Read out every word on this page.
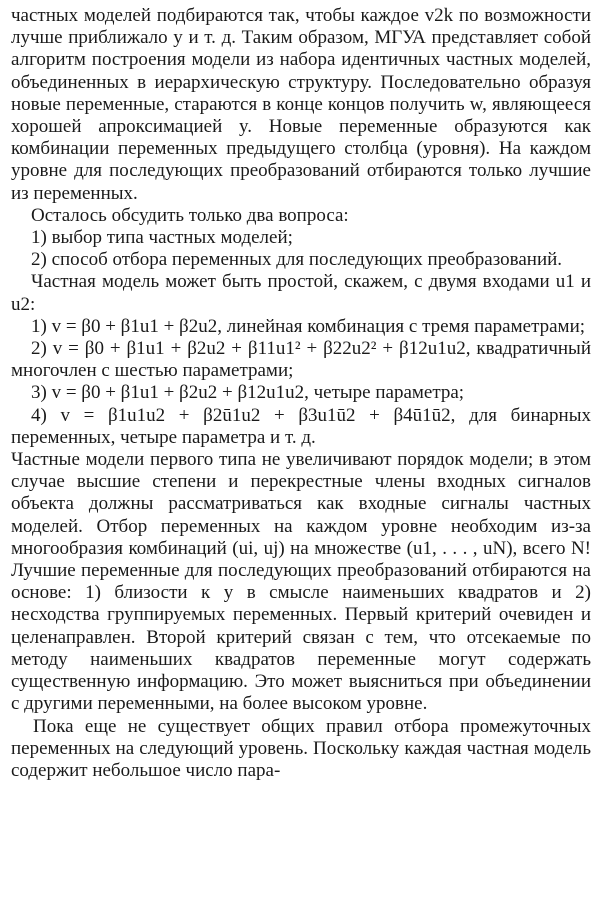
частных моделей подбираются так, чтобы каждое v2k по возможности лучше приближало y и т. д. Таким образом, МГУА представляет собой алгоритм построения модели из набора идентичных частных моделей, объединенных в иерархическую структуру. Последовательно образуя новые переменные, стараются в конце концов получить w, являющееся хорошей апроксимацией y. Новые переменные образуются как комбинации переменных предыдущего столбца (уровня). На каждом уровне для последующих преобразований отбираются только лучшие из переменных.

Осталось обсудить только два вопроса:

1) выбор типа частных моделей;

2) способ отбора переменных для последующих преобразований.

Частная модель может быть простой, скажем, с двумя входами u1 и u2:

1) v = β0 + β1u1 + β2u2, линейная комбинация с тремя параметрами;

2) v = β0 + β1u1 + β2u2 + β11u1² + β22u2² + β12u1u2, квадратичный многочлен с шестью параметрами;

3) v = β0 + β1u1 + β2u2 + β12u1u2, четыре параметра;

4) v = β1u1u2 + β2ū1u2 + β3u1ū2 + β4ū1ū2, для бинарных переменных, четыре параметра и т. д.

Частные модели первого типа не увеличивают порядок модели; в этом случае высшие степени и перекрестные члены входных сигналов объекта должны рассматриваться как входные сигналы частных моделей. Отбор переменных на каждом уровне необходим из-за многообразия комбинаций (ui, uj) на множестве (u1, . . . , uN), всего N! Лучшие переменные для последующих преобразований отбираются на основе: 1) близости к y в смысле наименьших квадратов и 2) несходства группируемых переменных. Первый критерий очевиден и целенаправлен. Второй критерий связан с тем, что отсекаемые по методу наименьших квадратов переменные могут содержать существенную информацию. Это может выясниться при объединении с другими переменными, на более высоком уровне.

Пока еще не существует общих правил отбора промежуточных переменных на следующий уровень. Поскольку каждая частная модель содержит небольшое число пара-
